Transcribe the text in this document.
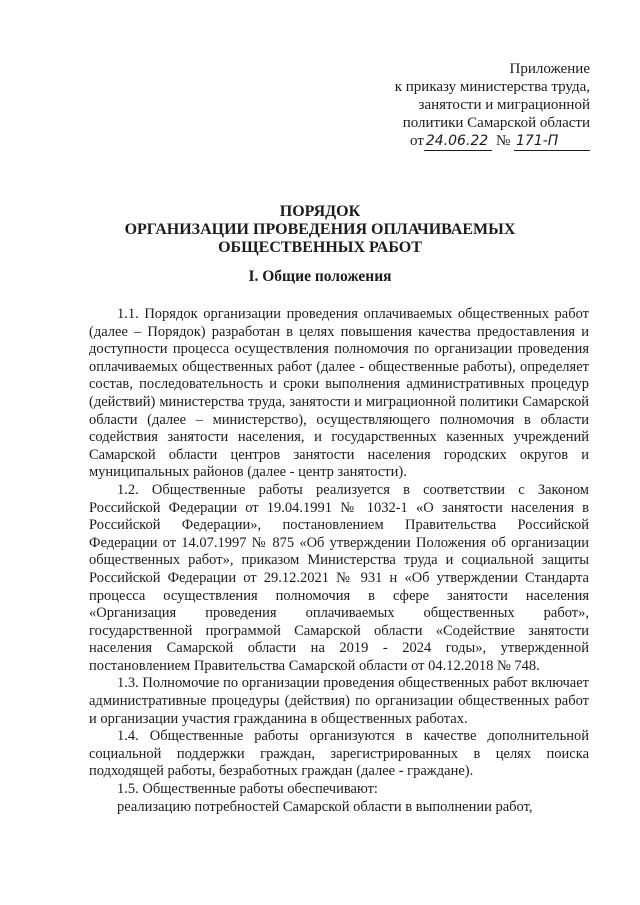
Приложение
к приказу министерства труда,
занятости и миграционной
политики Самарской области
от 24.06.22 № 171-П
ПОРЯДОК
ОРГАНИЗАЦИИ ПРОВЕДЕНИЯ ОПЛАЧИВАЕМЫХ
ОБЩЕСТВЕННЫХ РАБОТ
I. Общие положения

1.1. Порядок организации проведения оплачиваемых общественных работ (далее – Порядок) разработан в целях повышения качества предоставления и доступности процесса осуществления полномочия по организации проведения оплачиваемых общественных работ (далее - общественные работы), определяет состав, последовательность и сроки выполнения административных процедур (действий) министерства труда, занятости и миграционной политики Самарской области (далее – министерство), осуществляющего полномочия в области содействия занятости населения, и государственных казенных учреждений Самарской области центров занятости населения городских округов и муниципальных районов (далее - центр занятости).

1.2. Общественные работы реализуется в соответствии с Законом Российской Федерации от 19.04.1991 № 1032-1 «О занятости населения в Российской Федерации», постановлением Правительства Российской Федерации от 14.07.1997 № 875 «Об утверждении Положения об организации общественных работ», приказом Министерства труда и социальной защиты Российской Федерации от 29.12.2021 № 931 н «Об утверждении Стандарта процесса осуществления полномочия в сфере занятости населения «Организация проведения оплачиваемых общественных работ», государственной программой Самарской области «Содействие занятости населения Самарской области на 2019 - 2024 годы», утвержденной постановлением Правительства Самарской области от 04.12.2018 № 748.

1.3. Полномочие по организации проведения общественных работ включает административные процедуры (действия) по организации общественных работ и организации участия гражданина в общественных работах.

1.4. Общественные работы организуются в качестве дополнительной социальной поддержки граждан, зарегистрированных в целях поиска подходящей работы, безработных граждан (далее - граждане).

1.5. Общественные работы обеспечивают:

реализацию потребностей Самарской области в выполнении работ,
